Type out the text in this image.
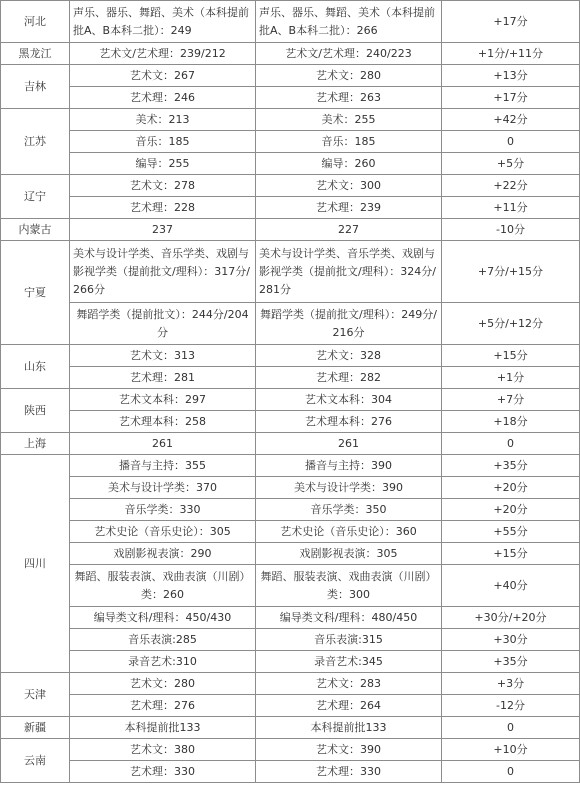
河北	声乐、器乐、舞蹈、美术（本科提前批A、B本科二批）：249	声乐、器乐、舞蹈、美术（本科提前批A、B本科二批）：266	+17分
黑龙江	艺术文/艺术理：239/212	艺术文/艺术理：240/223	+1分/+11分
吉林	艺术文：267	艺术文：280	+13分
	艺术理：246	艺术理：263	+17分
江苏	美术：213	美术：255	+42分
	音乐：185	音乐：185	0
	编导：255	编导：260	+5分
辽宁	艺术文：278	艺术文：300	+22分
	艺术理：228	艺术理：239	+11分
内蒙古	237	227	-10分
宁夏	美术与设计学类、音乐学类、戏剧与影视学类（提前批文/理科）：317分/266分	美术与设计学类、音乐学类、戏剧与影视学类（提前批文/理科）：324分/281分	+7分/+15分
	舞蹈学类（提前批文）：244分/204分	舞蹈学类（提前批文/理科）：249分/216分	+5分/+12分
山东	艺术文：313	艺术文：328	+15分
	艺术理：281	艺术理：282	+1分
陕西	艺术文本科：297	艺术文本科：304	+7分
	艺术理本科：258	艺术理本科：276	+18分
上海	261	261	0
四川	播音与主持：355	播音与主持：390	+35分
	美术与设计学类：370	美术与设计学类：390	+20分
	音乐学类：330	音乐学类：350	+20分
	艺术史论（音乐史论）：305	艺术史论（音乐史论）：360	+55分
	戏剧影视表演：290	戏剧影视表演：305	+15分
	舞蹈、服装表演、戏曲表演（川剧）类：260	舞蹈、服装表演、戏曲表演（川剧）类：300	+40分
	编导类文科/理科：450/430	编导类文科/理科：480/450	+30分/+20分
	音乐表演:285	音乐表演:315	+30分
	录音艺术:310	录音艺术:345	+35分
天津	艺术文：280	艺术文：283	+3分
	艺术理：276	艺术理：264	-12分
新疆	本科提前批133	本科提前批133	0
云南	艺术文：380	艺术文：390	+10分
	艺术理：330	艺术理：330	0
